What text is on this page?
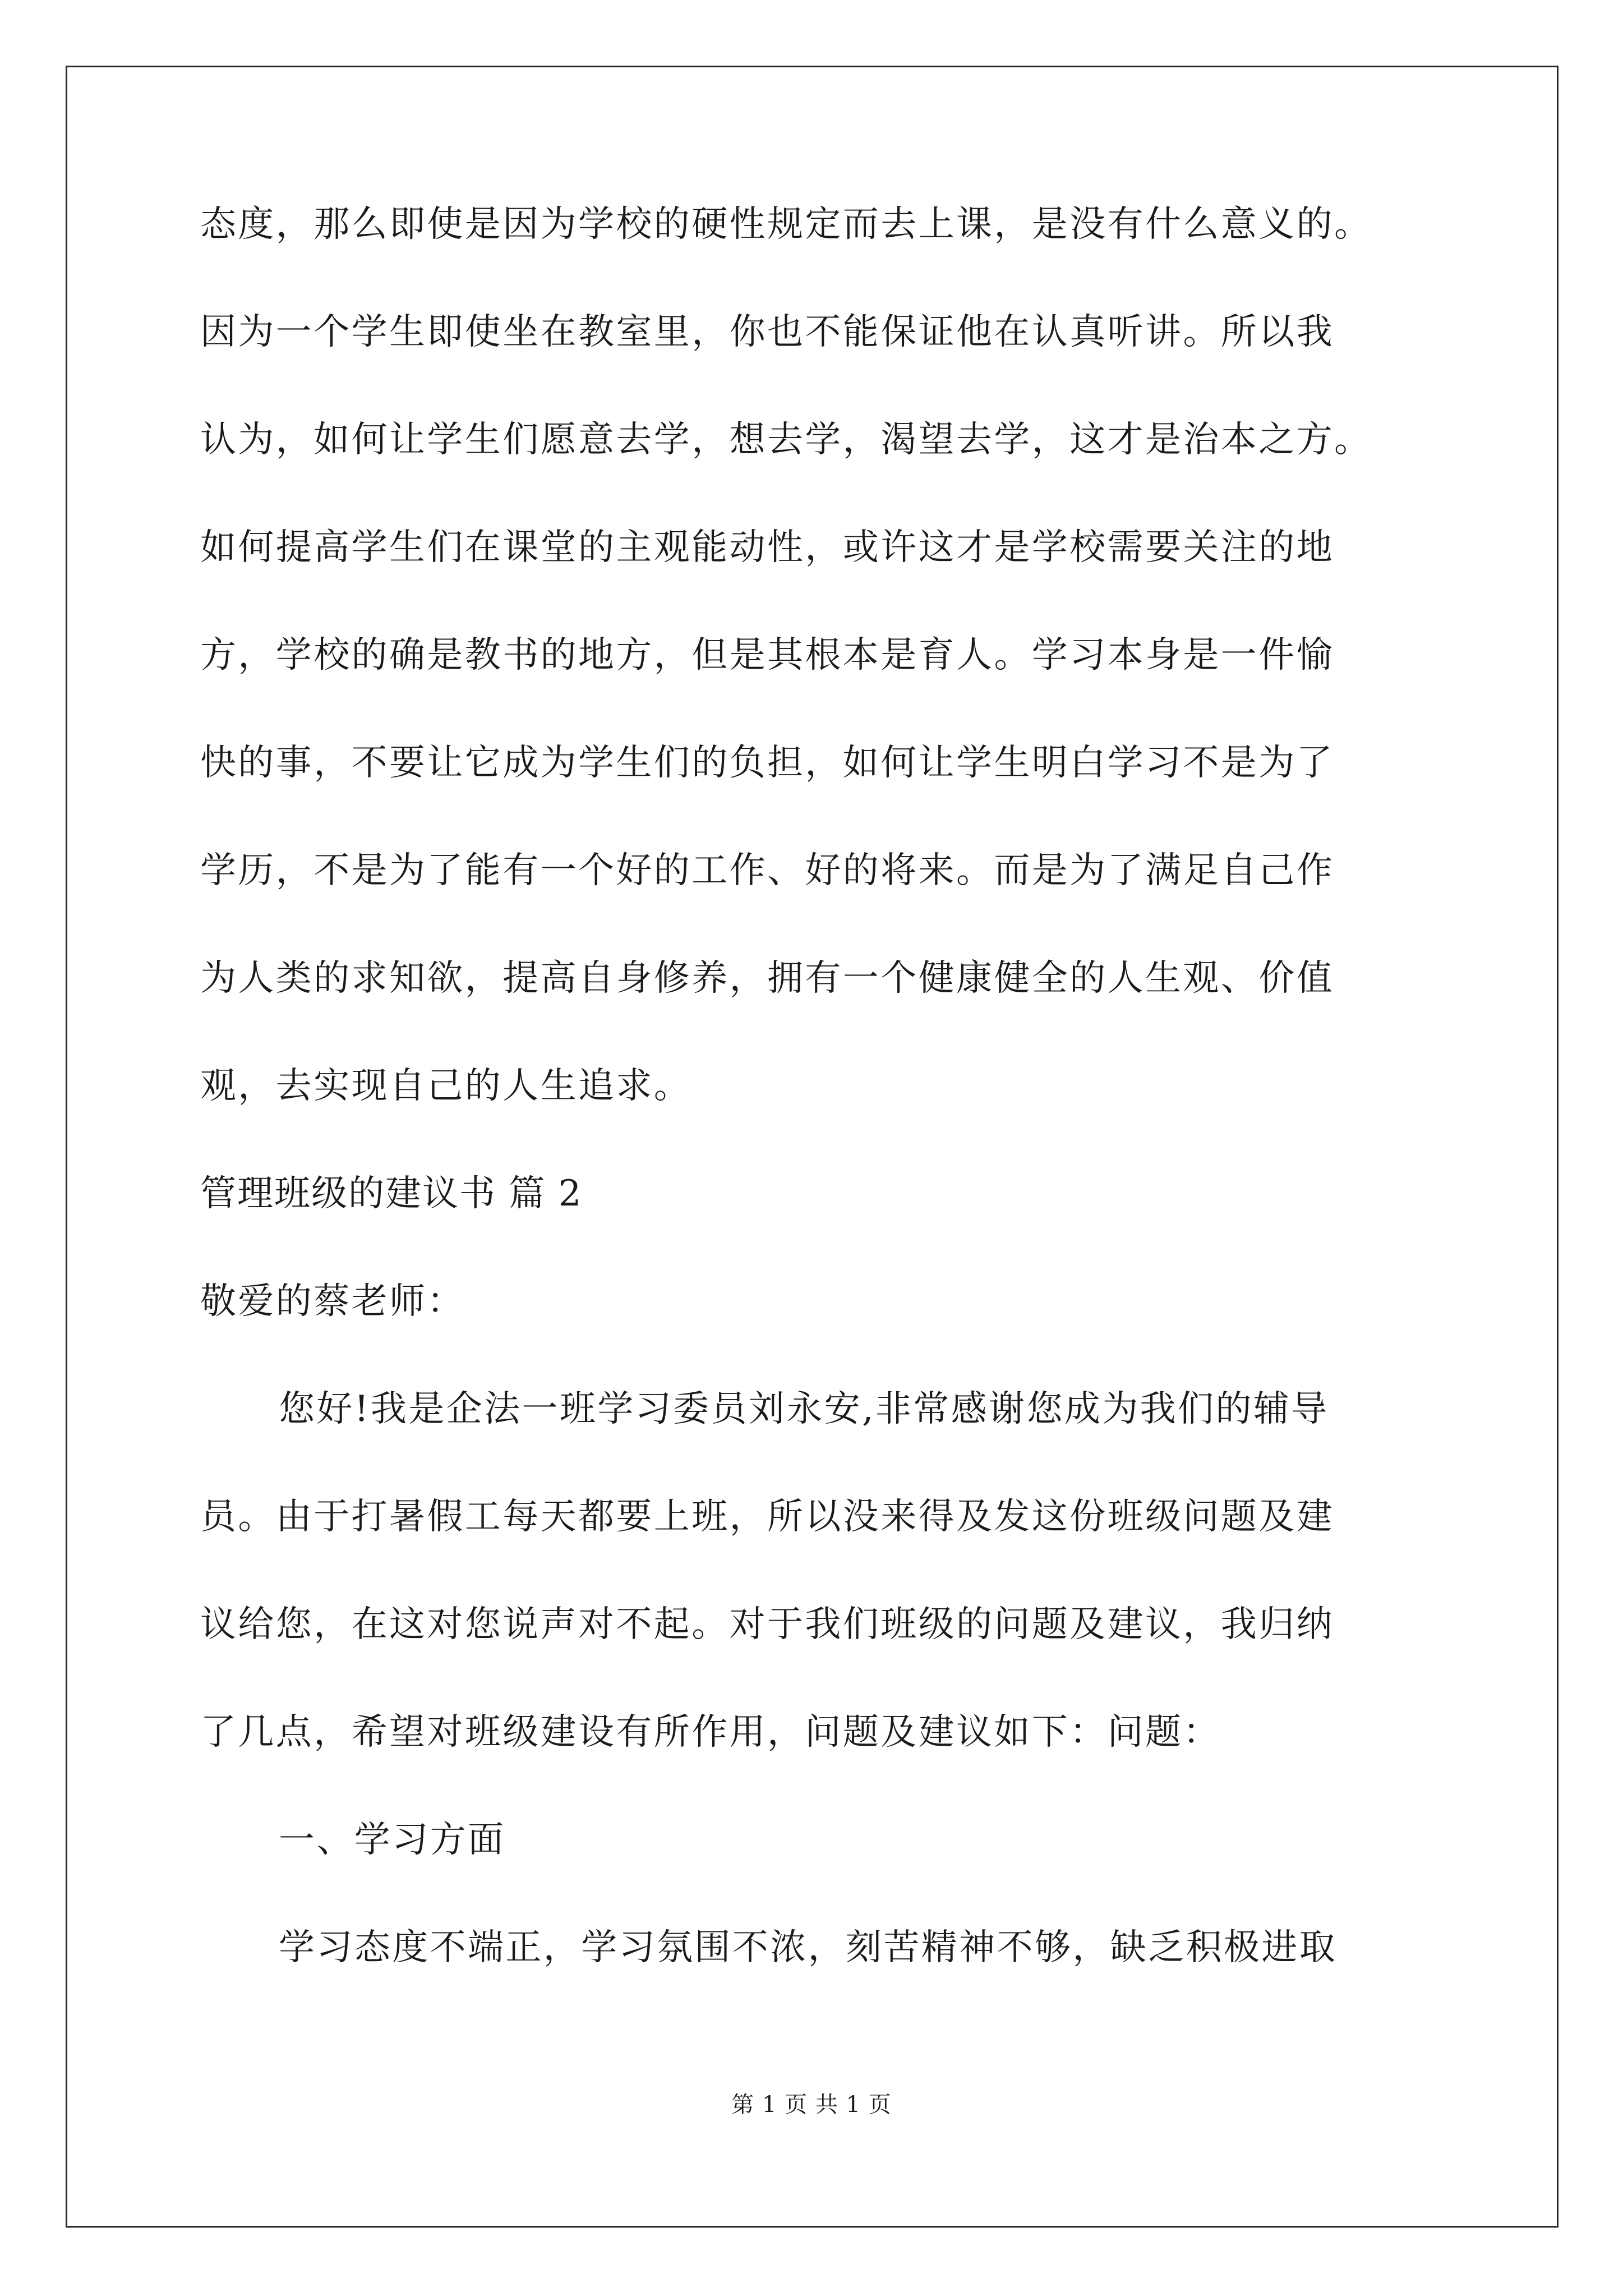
态度，那么即使是因为学校的硬性规定而去上课，是没有什么意义的。

因为一个学生即使坐在教室里，你也不能保证他在认真听讲。所以我

认为，如何让学生们愿意去学，想去学，渴望去学，这才是治本之方。

如何提高学生们在课堂的主观能动性，或许这才是学校需要关注的地

方，学校的确是教书的地方，但是其根本是育人。学习本身是一件愉

快的事，不要让它成为学生们的负担，如何让学生明白学习不是为了

学历，不是为了能有一个好的工作、好的将来。而是为了满足自己作

为人类的求知欲，提高自身修养，拥有一个健康健全的人生观、价值

观，去实现自己的人生追求。

管理班级的建议书 篇 2

敬爱的蔡老师：

您好!我是企法一班学习委员刘永安,非常感谢您成为我们的辅导

员。由于打暑假工每天都要上班，所以没来得及发这份班级问题及建

议给您，在这对您说声对不起。对于我们班级的问题及建议，我归纳

了几点，希望对班级建设有所作用，问题及建议如下：问题：

一、学习方面

学习态度不端正，学习氛围不浓，刻苦精神不够，缺乏积极进取

第 1 页 共 1 页
